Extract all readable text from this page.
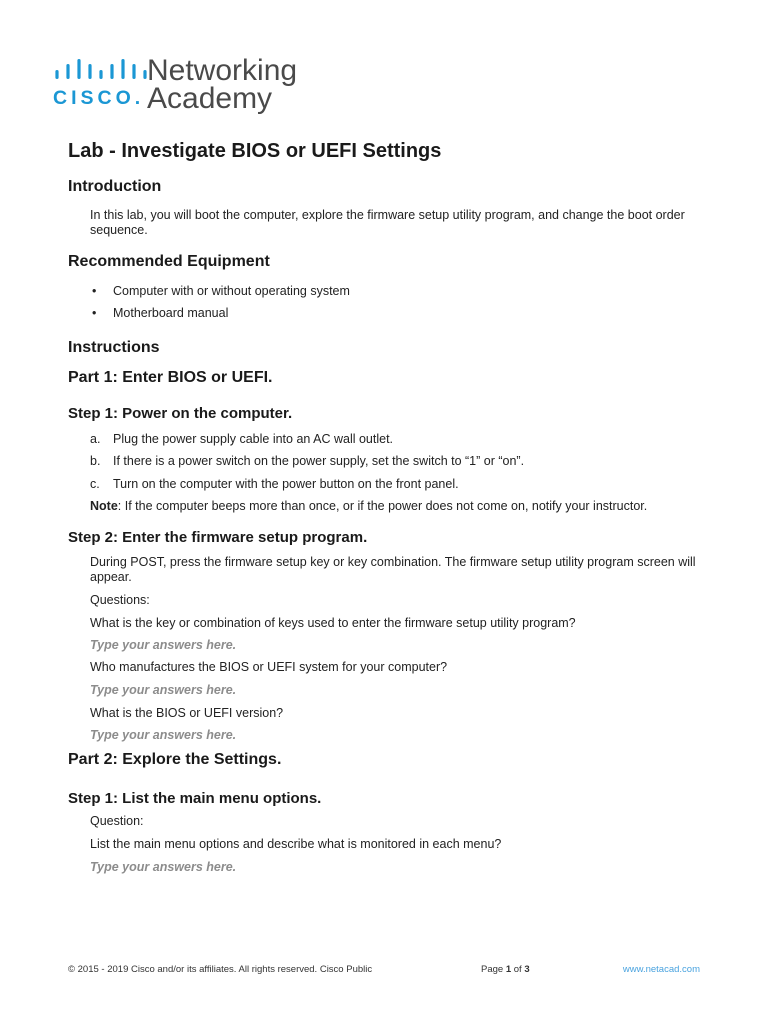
CISCO.
Networking
Academy
Lab - Investigate BIOS or UEFI Settings
Introduction
In this lab, you will boot the computer, explore the firmware setup utility program, and change the boot order
sequence.
Recommended Equipment
• Computer with or without operating system
• Motherboard manual
Instructions
Part 1: Enter BIOS or UEFI.
Step 1: Power on the computer.
a. Plug the power supply cable into an AC wall outlet.
b. If there is a power switch on the power supply, set the switch to “1” or “on”.
c. Turn on the computer with the power button on the front panel.
Note: If the computer beeps more than once, or if the power does not come on, notify your instructor.
Step 2: Enter the firmware setup program.
During POST, press the firmware setup key or key combination. The firmware setup utility program screen will
appear.
Questions:
What is the key or combination of keys used to enter the firmware setup utility program?
Type your answers here.
Who manufactures the BIOS or UEFI system for your computer?
Type your answers here.
What is the BIOS or UEFI version?
Type your answers here.
Part 2: Explore the Settings.
Step 1: List the main menu options.
Question:
List the main menu options and describe what is monitored in each menu?
Type your answers here.
© 2015 - 2019 Cisco and/or its affiliates. All rights reserved. Cisco Public	Page 1 of 3	www.netacad.com
